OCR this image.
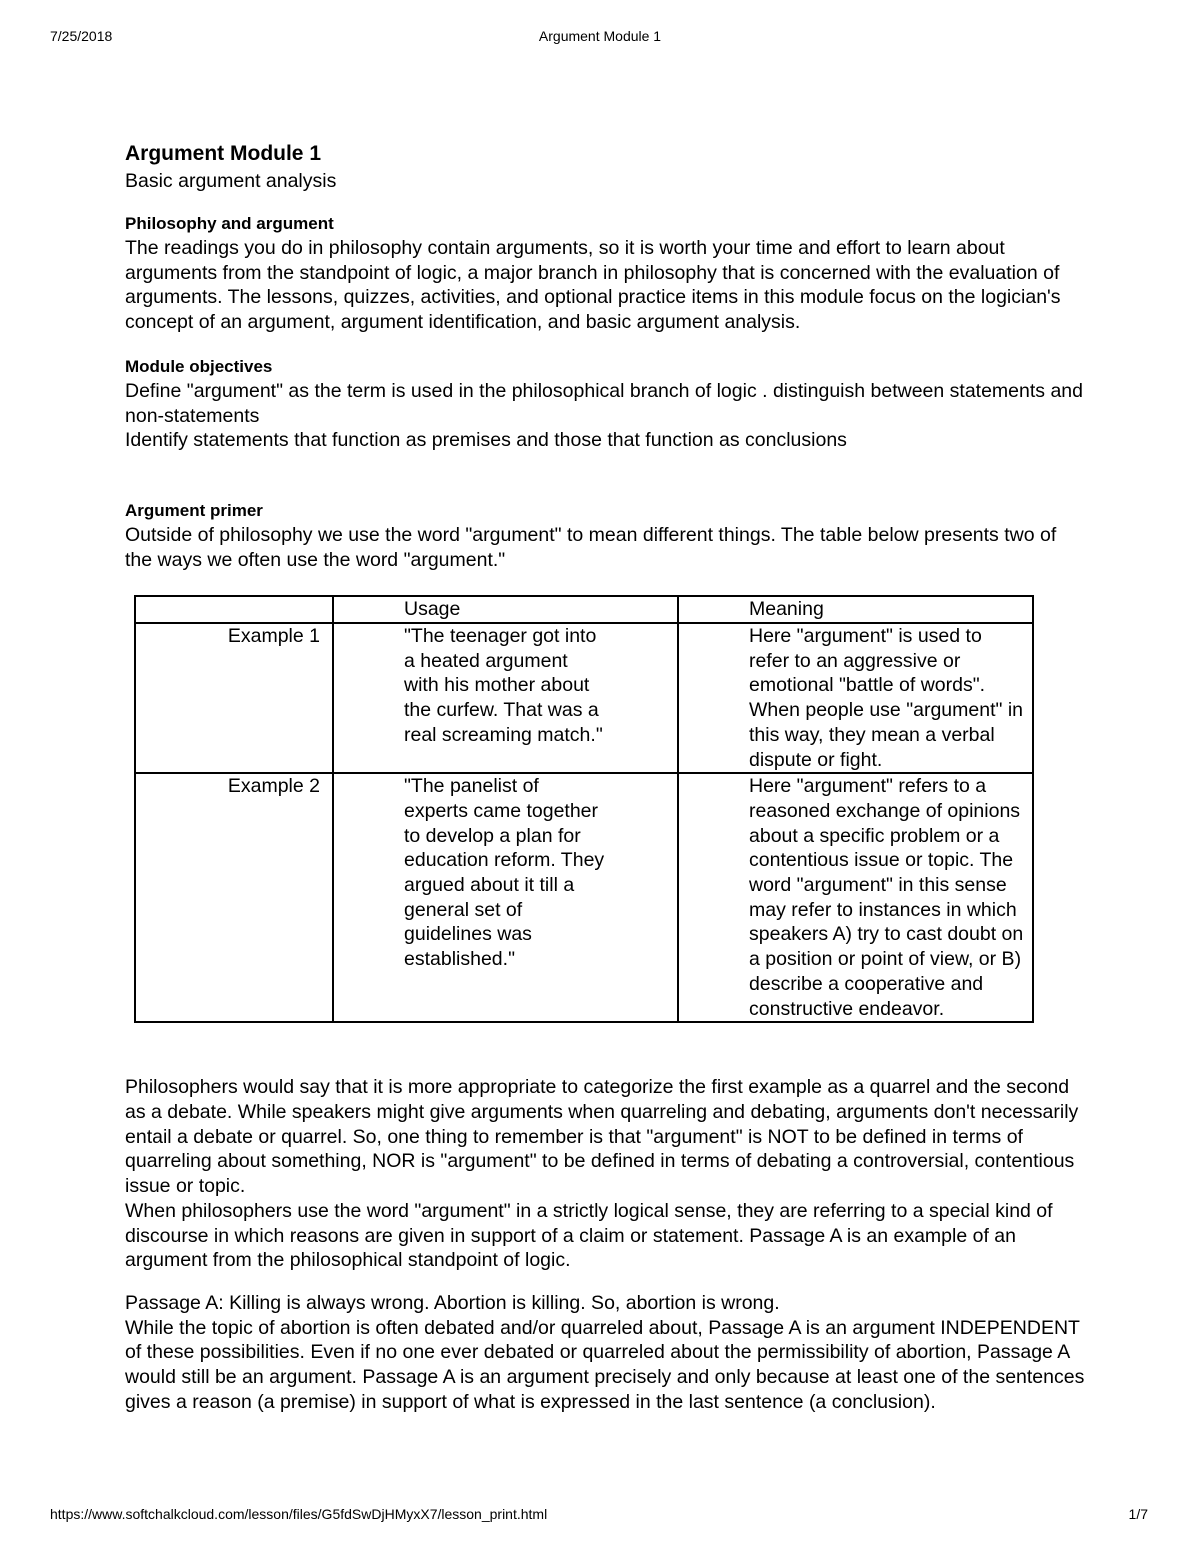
7/25/2018	Argument Module 1
Argument Module 1

Basic argument analysis

Philosophy and argument

The readings you do in philosophy contain arguments, so it is worth your time and effort to learn about arguments from the standpoint of logic, a major branch in philosophy that is concerned with the evaluation of arguments. The lessons, quizzes, activities, and optional practice items in this module focus on the logician's concept of an argument, argument identification, and basic argument analysis.

Module objectives

Define "argument" as the term is used in the philosophical branch of logic . distinguish between statements and non-statements

Identify statements that function as premises and those that function as conclusions

Argument primer

Outside of philosophy we use the word "argument" to mean different things. The table below presents two of the ways we often use the word "argument."

	Usage	Meaning
Example 1	"The teenager got into a heated argument with his mother about the curfew. That was a real screaming match."	Here "argument" is used to refer to an aggressive or emotional "battle of words". When people use "argument" in this way, they mean a verbal dispute or fight.
Example 2	"The panelist of experts came together to develop a plan for education reform. They argued about it till a general set of guidelines was established."	Here "argument" refers to a reasoned exchange of opinions about a specific problem or a contentious issue or topic. The word "argument" in this sense may refer to instances in which speakers A) try to cast doubt on a position or point of view, or B) describe a cooperative and constructive endeavor.

Philosophers would say that it is more appropriate to categorize the first example as a quarrel and the second as a debate. While speakers might give arguments when quarreling and debating, arguments don't necessarily entail a debate or quarrel. So, one thing to remember is that "argument" is NOT to be defined in terms of quarreling about something, NOR is "argument" to be defined in terms of debating a controversial, contentious issue or topic.

When philosophers use the word "argument" in a strictly logical sense, they are referring to a special kind of discourse in which reasons are given in support of a claim or statement. Passage A is an example of an argument from the philosophical standpoint of logic.

Passage A: Killing is always wrong. Abortion is killing. So, abortion is wrong.

While the topic of abortion is often debated and/or quarreled about, Passage A is an argument INDEPENDENT of these possibilities. Even if no one ever debated or quarreled about the permissibility of abortion, Passage A would still be an argument. Passage A is an argument precisely and only because at least one of the sentences gives a reason (a premise) in support of what is expressed in the last sentence (a conclusion).

https://www.softchalkcloud.com/lesson/files/G5fdSwDjHMyxX7/lesson_print.html	1/7
